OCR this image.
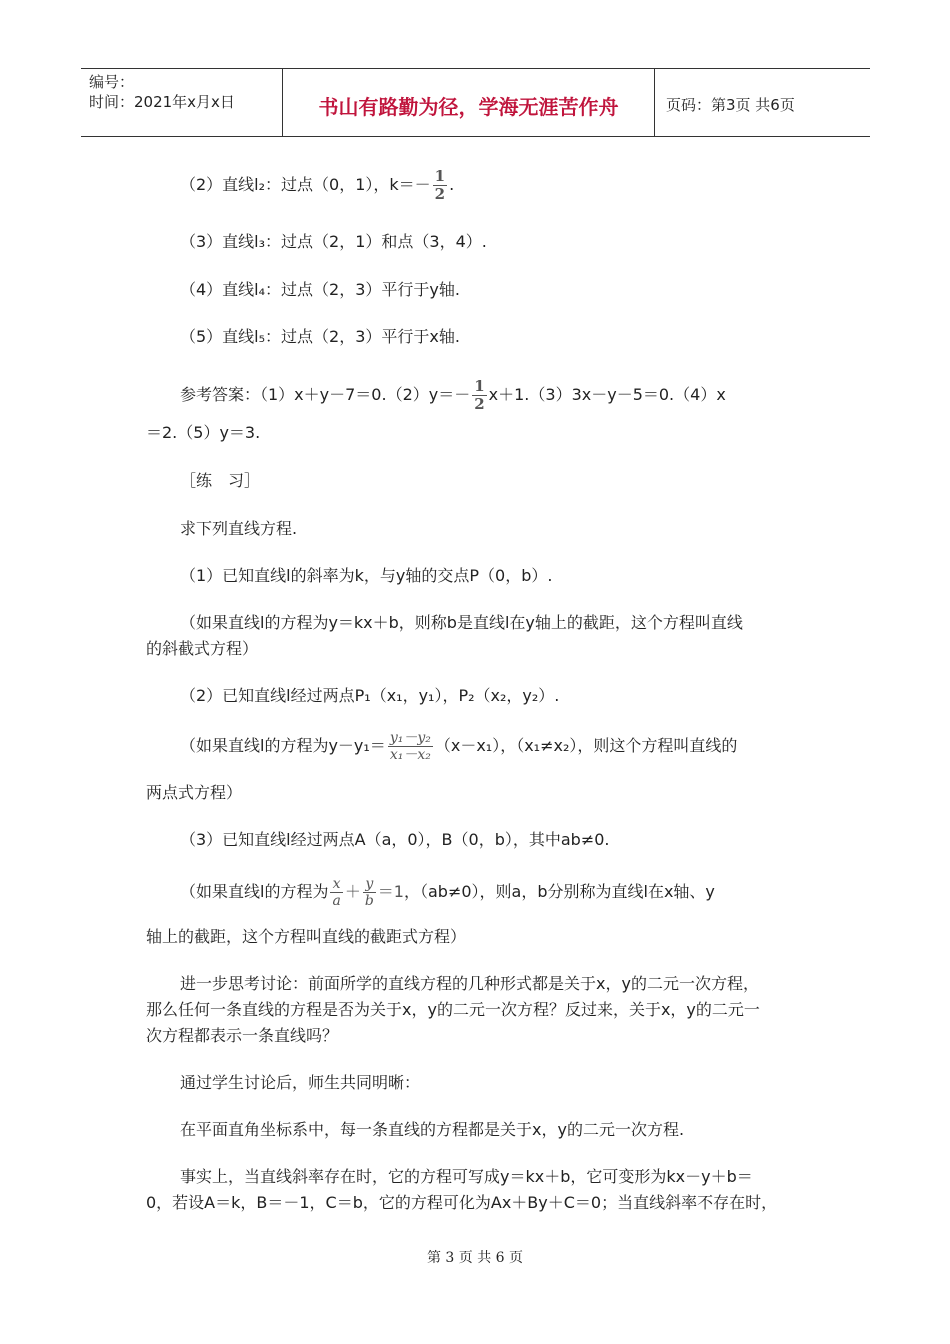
编号：
时间：2021年x月x日	书山有路勤为径，学海无涯苦作舟	页码：第3页 共6页
（2）直线l₂：过点（0，1），$k=- \frac{1}{2}$ .
（3）直线l₃：过点（2，1）和点（3，4）.
（4）直线l₄：过点（2，3）平行于y轴.
（5）直线l₅：过点（2，3）平行于x轴.
参考答案：$(1)x+y-7=0.(2)y=- \frac{1}{2} x+1.(3)3x-y-5=0.(4)x$
＝2.（5）y＝3.
［练　习］
求下列直线方程.
（1）已知直线l的斜率为k，与y轴的交点P（0，b）.
（如果直线l的方程为y＝kx＋b，则称b是直线l在y轴上的截距，这个方程叫直线
的斜截式方程）
（2）已知直线l经过两点P₁（x₁，y₁），P₂（x₂，y₂）.
（如果直线l的方程为$y-y_1= \frac{\text{y₁－y₂}}{\text{x₁－x₂}} (x-x_1)$，（x₁≠x₂），则这个方程叫直线的
两点式方程）
（3）已知直线l经过两点A（a，0），B（0，b），其中ab≠0.
（如果直线l的方程为 $\frac{x}{a} + \frac{y}{b} =1$，（ab≠0），则a，b分别称为直线l在x轴、y
轴上的截距，这个方程叫直线的截距式方程）
进一步思考讨论：前面所学的直线方程的几种形式都是关于x，y的二元一次方程，
那么任何一条直线的方程是否为关于x，y的二元一次方程？反过来，关于x，y的二元一
次方程都表示一条直线吗？
通过学生讨论后，师生共同明晰：
在平面直角坐标系中，每一条直线的方程都是关于x，y的二元一次方程.
事实上，当直线斜率存在时，它的方程可写成y＝kx＋b，它可变形为kx－y＋b＝
0，若设A＝k，B＝－1，C＝b，它的方程可化为Ax＋By＋C＝0；当直线斜率不存在时，
第 3 页 共 6 页
